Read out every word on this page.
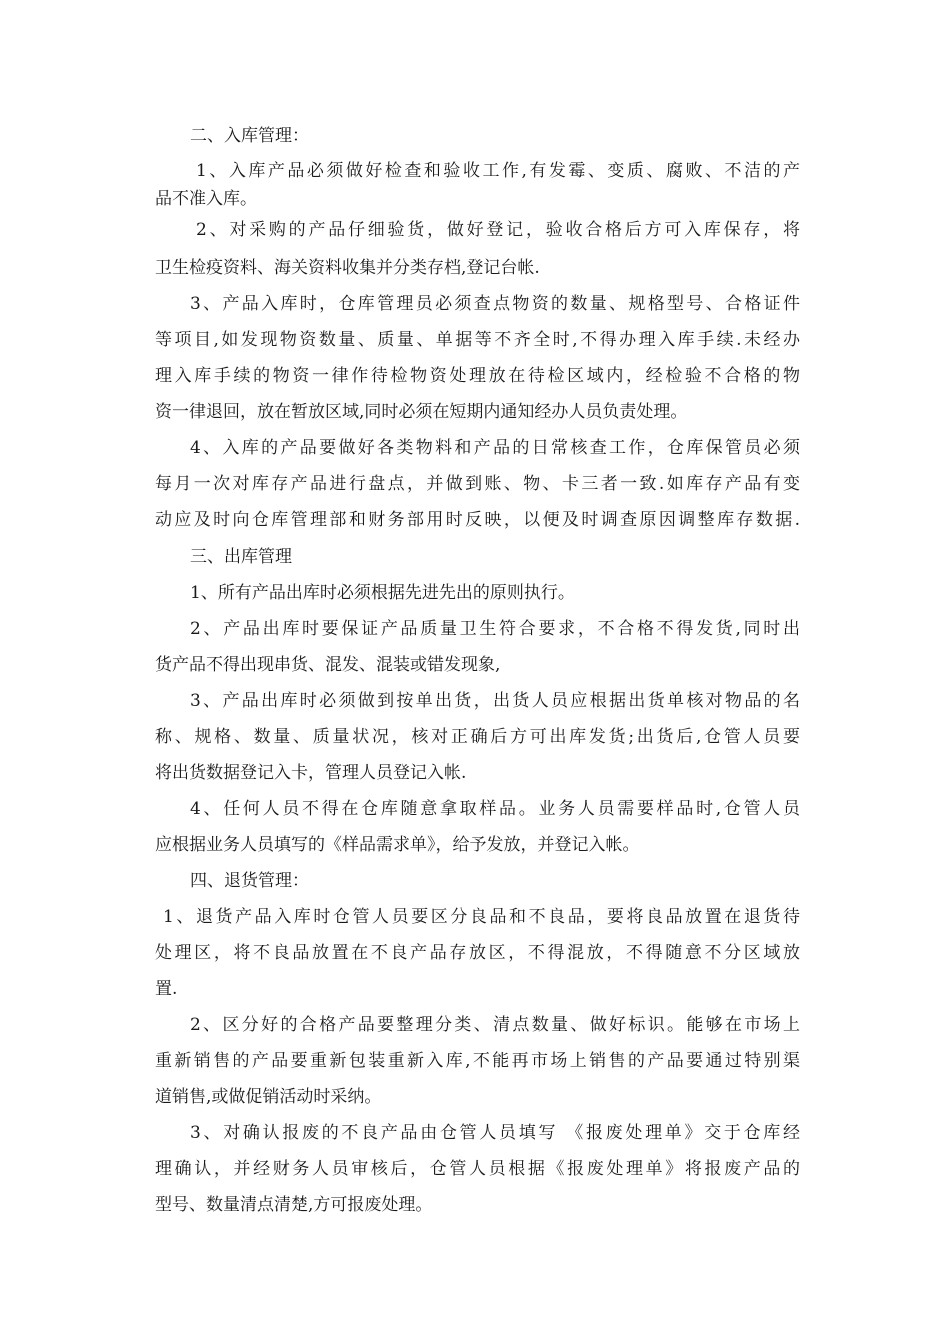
二、入库管理：
1、入库产品必须做好检查和验收工作,有发霉、变质、腐败、不洁的产
品不准入库。
2、对采购的产品仔细验货，做好登记，验收合格后方可入库保存，将
卫生检疫资料、海关资料收集并分类存档,登记台帐.
3、产品入库时，仓库管理员必须查点物资的数量、规格型号、合格证件
等项目,如发现物资数量、质量、单据等不齐全时,不得办理入库手续.未经办
理入库手续的物资一律作待检物资处理放在待检区域内，经检验不合格的物
资一律退回，放在暂放区域,同时必须在短期内通知经办人员负责处理。
4、入库的产品要做好各类物料和产品的日常核查工作，仓库保管员必须
每月一次对库存产品进行盘点，并做到账、物、卡三者一致.如库存产品有变
动应及时向仓库管理部和财务部用时反映，以便及时调查原因调整库存数据.
三、出库管理
1、所有产品出库时必须根据先进先出的原则执行。
2、产品出库时要保证产品质量卫生符合要求，不合格不得发货,同时出
货产品不得出现串货、混发、混装或错发现象,
3、产品出库时必须做到按单出货，出货人员应根据出货单核对物品的名
称、规格、数量、质量状况，核对正确后方可出库发货;出货后,仓管人员要
将出货数据登记入卡，管理人员登记入帐.
4、任何人员不得在仓库随意拿取样品。业务人员需要样品时,仓管人员
应根据业务人员填写的《样品需求单》，给予发放，并登记入帐。
四、退货管理：
1、退货产品入库时仓管人员要区分良品和不良品，要将良品放置在退货待
处理区，将不良品放置在不良产品存放区，不得混放，不得随意不分区域放
置.
2、区分好的合格产品要整理分类、清点数量、做好标识。能够在市场上
重新销售的产品要重新包装重新入库,不能再市场上销售的产品要通过特别渠
道销售,或做促销活动时采纳。
3、对确认报废的不良产品由仓管人员填写 《报废处理单》交于仓库经
理确认，并经财务人员审核后，仓管人员根据《报废处理单》将报废产品的
型号、数量清点清楚,方可报废处理。
